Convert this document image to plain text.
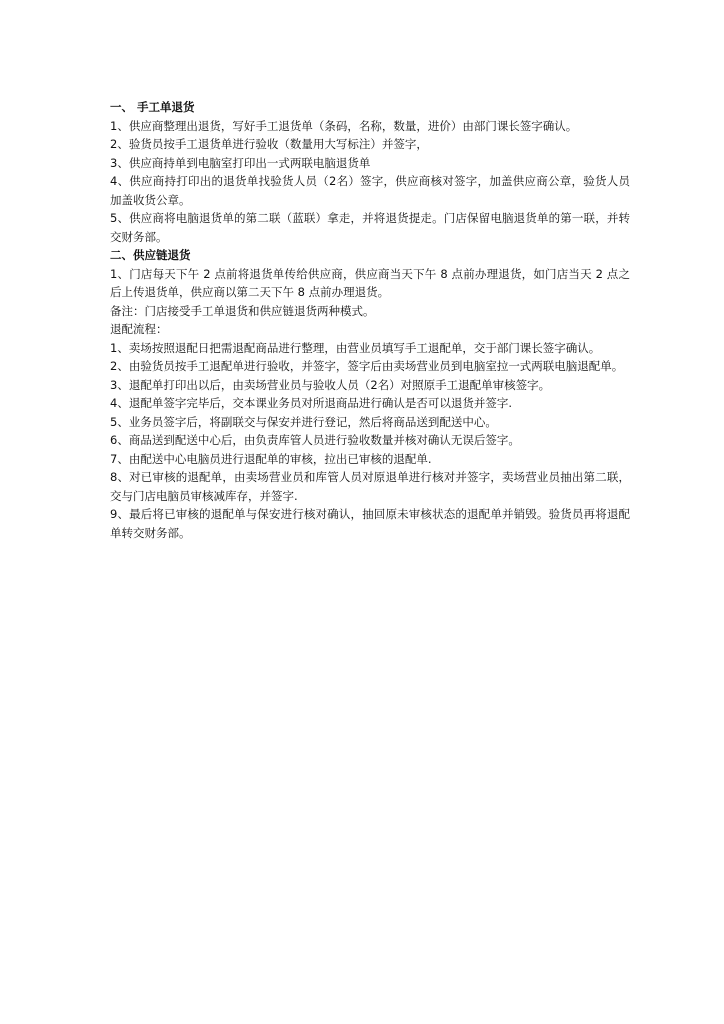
一、 手工单退货
1、供应商整理出退货，写好手工退货单（条码，名称，数量，进价）由部门课长签字确认。
2、验货员按手工退货单进行验收（数量用大写标注）并签字，
3、供应商持单到电脑室打印出一式两联电脑退货单
4、供应商持打印出的退货单找验货人员（2名）签字，供应商核对签字，加盖供应商公章，验货人员加盖收货公章。
5、供应商将电脑退货单的第二联（蓝联）拿走，并将退货提走。门店保留电脑退货单的第一联，并转交财务部。
二、供应链退货
1、门店每天下午 2 点前将退货单传给供应商，供应商当天下午 8 点前办理退货，如门店当天 2 点之后上传退货单，供应商以第二天下午 8 点前办理退货。
备注：门店接受手工单退货和供应链退货两种模式。
退配流程：
1、卖场按照退配日把需退配商品进行整理，由营业员填写手工退配单，交于部门课长签字确认。
2、由验货员按手工退配单进行验收，并签字，签字后由卖场营业员到电脑室拉一式两联电脑退配单。
3、退配单打印出以后，由卖场营业员与验收人员（2名）对照原手工退配单审核签字。
4、退配单签字完毕后，交本课业务员对所退商品进行确认是否可以退货并签字.
5、业务员签字后，将副联交与保安并进行登记，然后将商品送到配送中心。
6、商品送到配送中心后，由负责库管人员进行验收数量并核对确认无误后签字。
7、由配送中心电脑员进行退配单的审核，拉出已审核的退配单.
8、对已审核的退配单，由卖场营业员和库管人员对原退单进行核对并签字，卖场营业员抽出第二联，交与门店电脑员审核减库存，并签字.
9、最后将已审核的退配单与保安进行核对确认，抽回原未审核状态的退配单并销毁。验货员再将退配单转交财务部。
